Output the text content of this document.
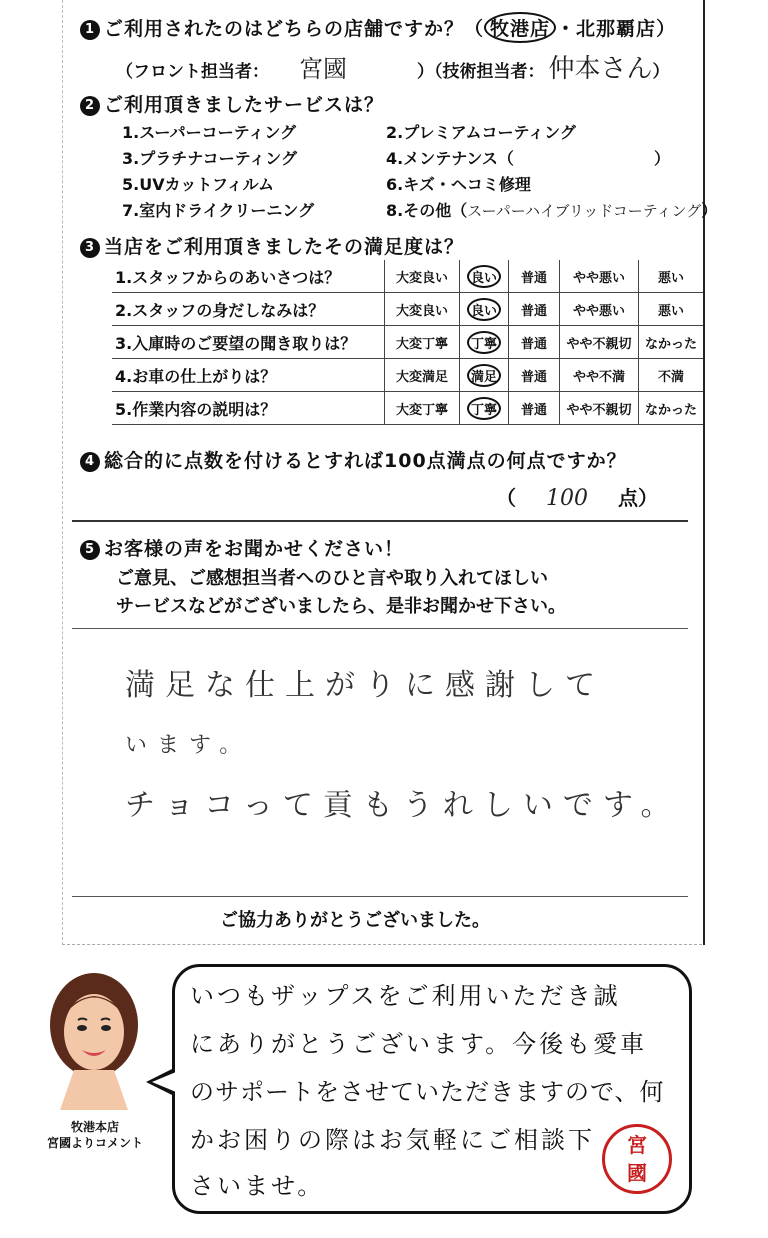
1 ご利用されたのはどちらの店舗ですか？（ 牧港店 ・北那覇店）
（フロント担当者： 宮國	）（技術担当者： 仲本さん）
2 ご利用頂きましたサービスは？
1.スーパーコーティング	2.プレミアムコーティング
3.プラチナコーティング	4.メンテナンス（	）
5.UVカットフィルム	6.キズ・ヘコミ修理
7.室内ドライクリーニング	8.その他（スーパーハイブリッドコーティング）
3 当店をご利用頂きましたその満足度は？
1.スタッフからのあいさつは？	大変良い	良い	普通	やや悪い	悪い
2.スタッフの身だしなみは？	大変良い	良い	普通	やや悪い	悪い
3.入庫時のご要望の聞き取りは？	大変丁寧	丁寧	普通	やや不親切	なかった
4.お車の仕上がりは？	大変満足	満足	普通	やや不満	不満
5.作業内容の説明は？	大変丁寧	丁寧	普通	やや不親切	なかった
4 総合的に点数を付けるとすれば100点満点の何点ですか？
（ 100 点）
5 お客様の声をお聞かせください！
ご意見、ご感想担当者へのひと言や取り入れてほしい
サービスなどがございましたら、是非お聞かせ下さい。
満足な仕上がりに感謝して
います。
チョコって貢もうれしいです。
ご協力ありがとうございました。
牧港本店
宮國よりコメント
いつもザップスをご利用いただき誠
にありがとうございます。今後も愛車
のサポートをさせていただきますので、何
かお困りの際はお気軽にご相談下
さいませ。
宮國
